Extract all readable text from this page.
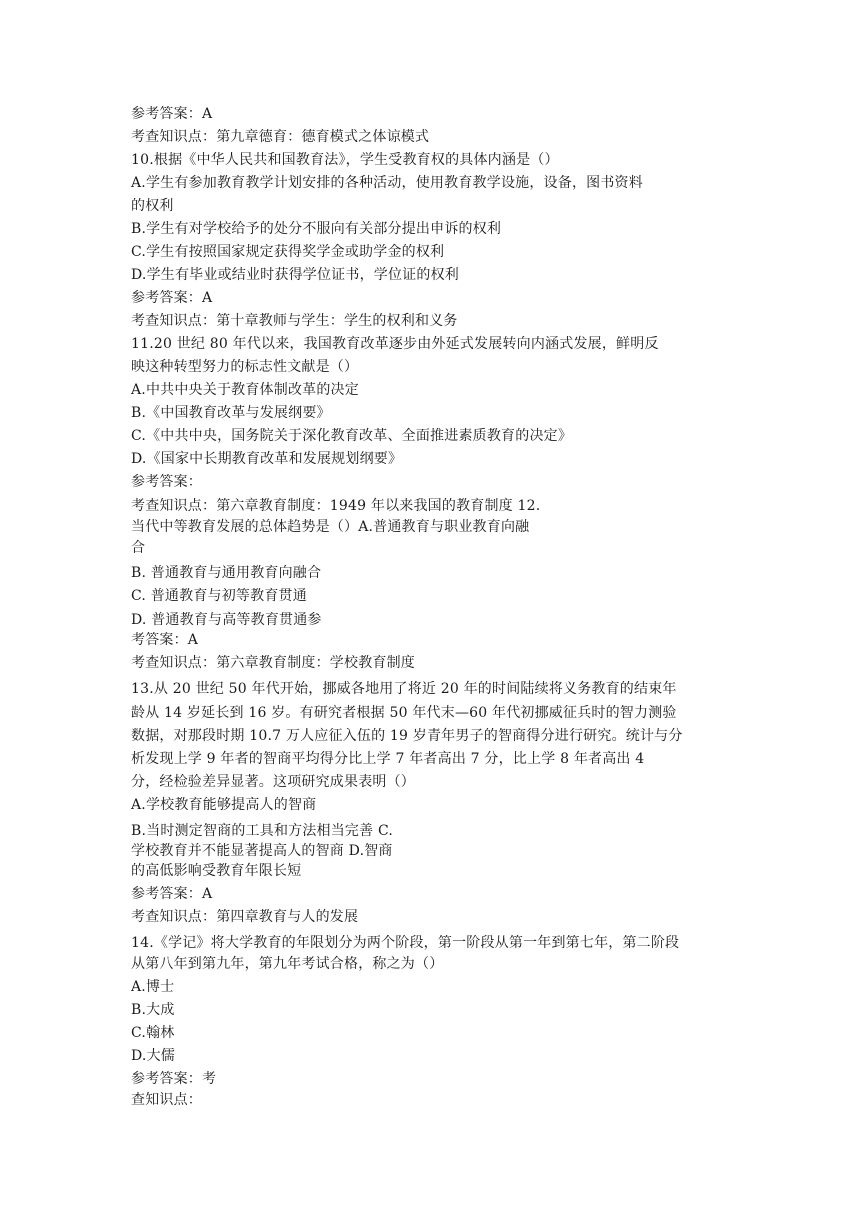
参考答案：A
考查知识点：第九章德育：德育模式之体谅模式
10.根据《中华人民共和国教育法》，学生受教育权的具体内涵是（）
A.学生有参加教育教学计划安排的各种活动，使用教育教学设施，设备，图书资料
的权利
B.学生有对学校给予的处分不服向有关部分提出申诉的权利
C.学生有按照国家规定获得奖学金或助学金的权利
D.学生有毕业或结业时获得学位证书，学位证的权利
参考答案：A
考查知识点：第十章教师与学生：学生的权利和义务
11.20 世纪 80 年代以来，我国教育改革逐步由外延式发展转向内涵式发展，鲜明反
映这种转型努力的标志性文献是（）
A.中共中央关于教育体制改革的决定
B.《中国教育改革与发展纲要》
C.《中共中央，国务院关于深化教育改革、全面推进素质教育的决定》
D.《国家中长期教育改革和发展规划纲要》
参考答案：
考查知识点：第六章教育制度：1949 年以来我国的教育制度 12.
当代中等教育发展的总体趋势是（）A.普通教育与职业教育向融
合
B. 普通教育与通用教育向融合
C. 普通教育与初等教育贯通
D. 普通教育与高等教育贯通参
考答案：A
考查知识点：第六章教育制度：学校教育制度
13.从 20 世纪 50 年代开始，挪威各地用了将近 20 年的时间陆续将义务教育的结束年
龄从 14 岁延长到 16 岁。有研究者根据 50 年代末—60 年代初挪威征兵时的智力测验
数据，对那段时期 10.7 万人应征入伍的 19 岁青年男子的智商得分进行研究。统计与分
析发现上学 9 年者的智商平均得分比上学 7 年者高出 7 分，比上学 8 年者高出 4
分，经检验差异显著。这项研究成果表明（）
A.学校教育能够提高人的智商
B.当时测定智商的工具和方法相当完善 C.
学校教育并不能显著提高人的智商 D.智商
的高低影响受教育年限长短
参考答案：A
考查知识点：第四章教育与人的发展
14.《学记》将大学教育的年限划分为两个阶段，第一阶段从第一年到第七年，第二阶段
从第八年到第九年，第九年考试合格，称之为（）
A.博士
B.大成
C.翰林
D.大儒
参考答案：考
查知识点：
